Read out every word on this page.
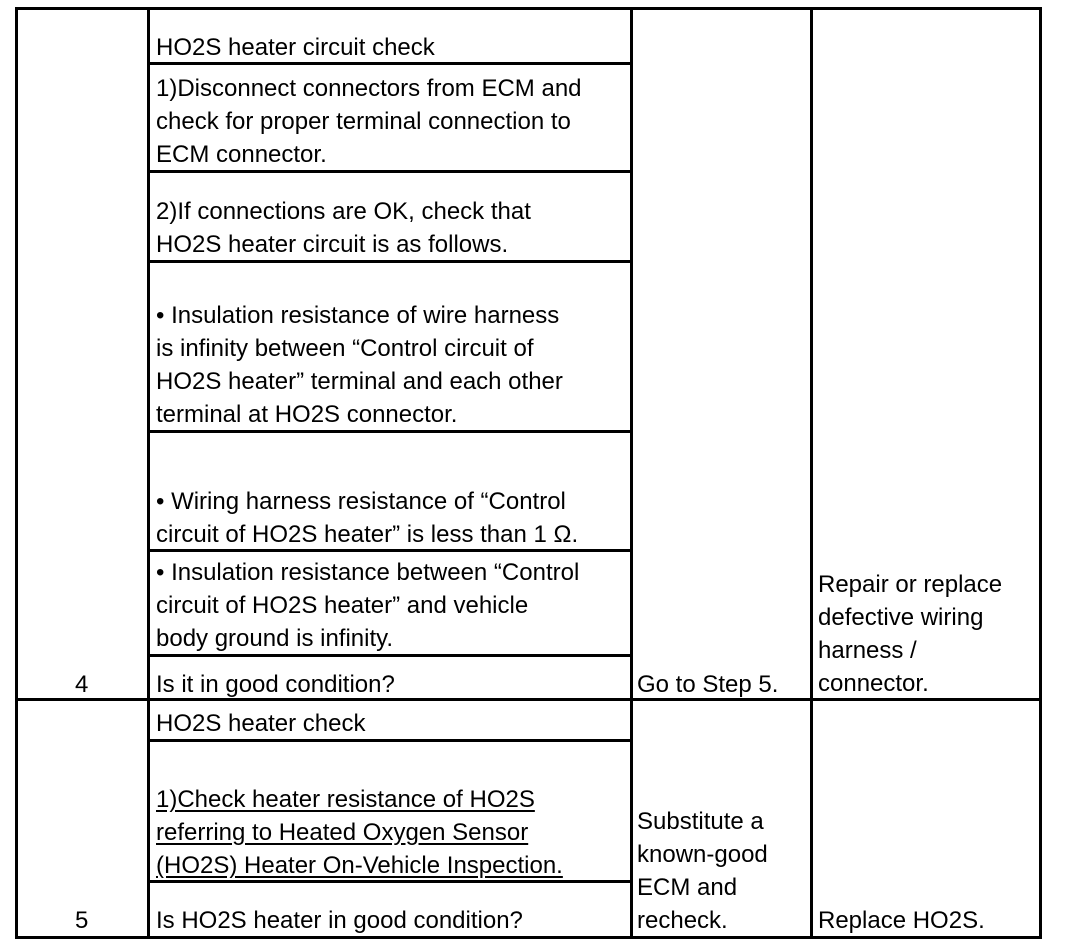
4
HO2S heater circuit check
1)Disconnect connectors from ECM and
check for proper terminal connection to
ECM connector.
2)If connections are OK, check that
HO2S heater circuit is as follows.
• Insulation resistance of wire harness
is infinity between “Control circuit of
HO2S heater” terminal and each other
terminal at HO2S connector.
• Wiring harness resistance of “Control
circuit of HO2S heater” is less than 1 Ω.
• Insulation resistance between “Control
circuit of HO2S heater” and vehicle
body ground is infinity.
Is it in good condition?	Go to Step 5.
Repair or replace
defective wiring
harness /
connector.
5
HO2S heater check
1)Check heater resistance of HO2S
referring to Heated Oxygen Sensor
(HO2S) Heater On-Vehicle Inspection.
Is HO2S heater in good condition?
Substitute a
known-good
ECM and
recheck.	Replace HO2S.
